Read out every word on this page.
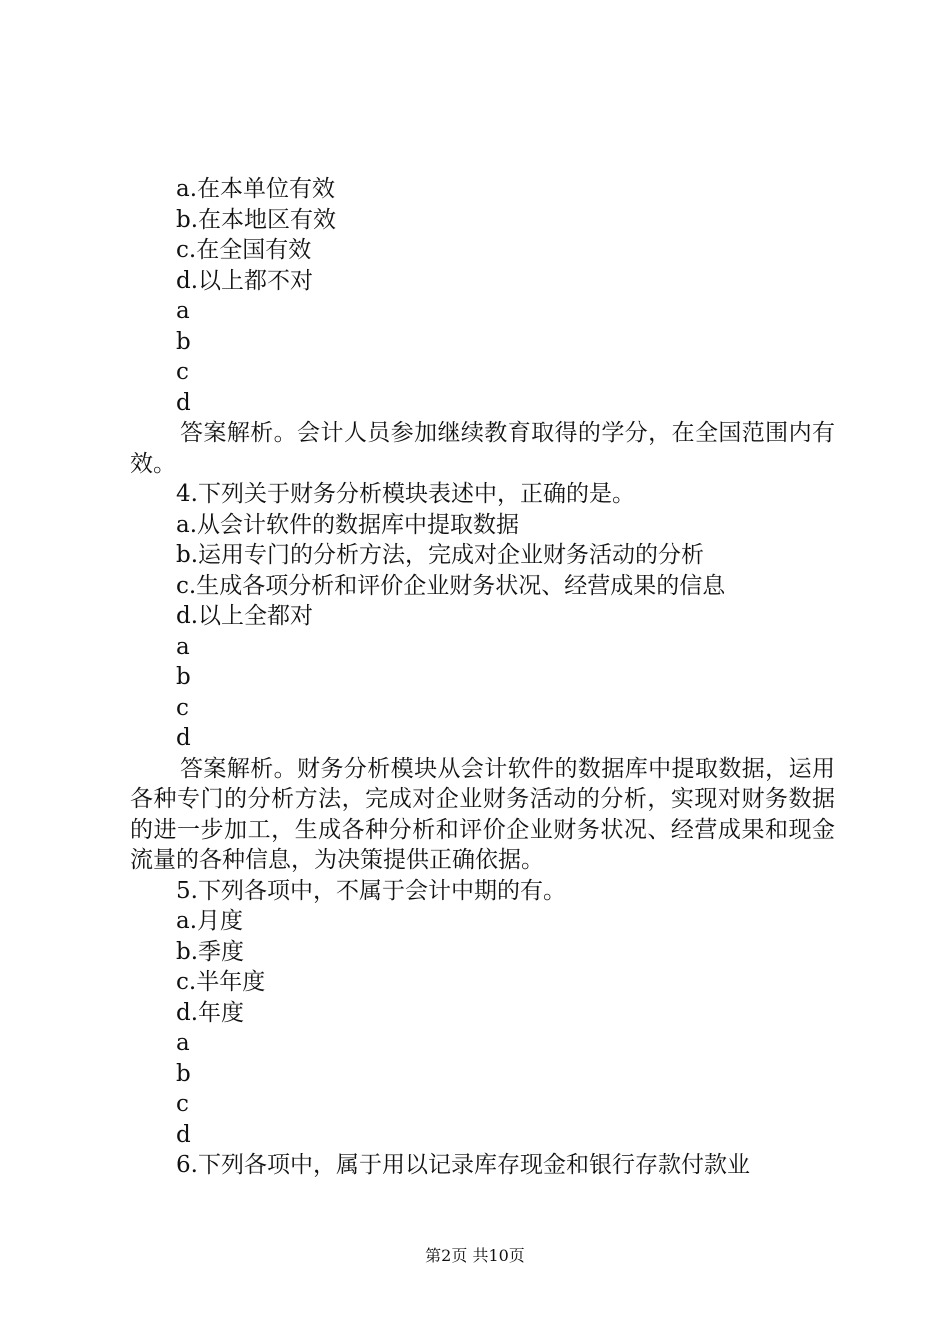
a.在本单位有效

b.在本地区有效

c.在全国有效

d.以上都不对

a

b

c

d

答案解析。会计人员参加继续教育取得的学分，在全国范围内有效。

4.下列关于财务分析模块表述中，正确的是。

a.从会计软件的数据库中提取数据

b.运用专门的分析方法，完成对企业财务活动的分析

c.生成各项分析和评价企业财务状况、经营成果的信息

d.以上全都对

a

b

c

d

答案解析。财务分析模块从会计软件的数据库中提取数据，运用各种专门的分析方法，完成对企业财务活动的分析，实现对财务数据的进一步加工，生成各种分析和评价企业财务状况、经营成果和现金流量的各种信息，为决策提供正确依据。

5.下列各项中，不属于会计中期的有。

a.月度

b.季度

c.半年度

d.年度

a

b

c

d

6.下列各项中，属于用以记录库存现金和银行存款付款业

第2页 共10页
